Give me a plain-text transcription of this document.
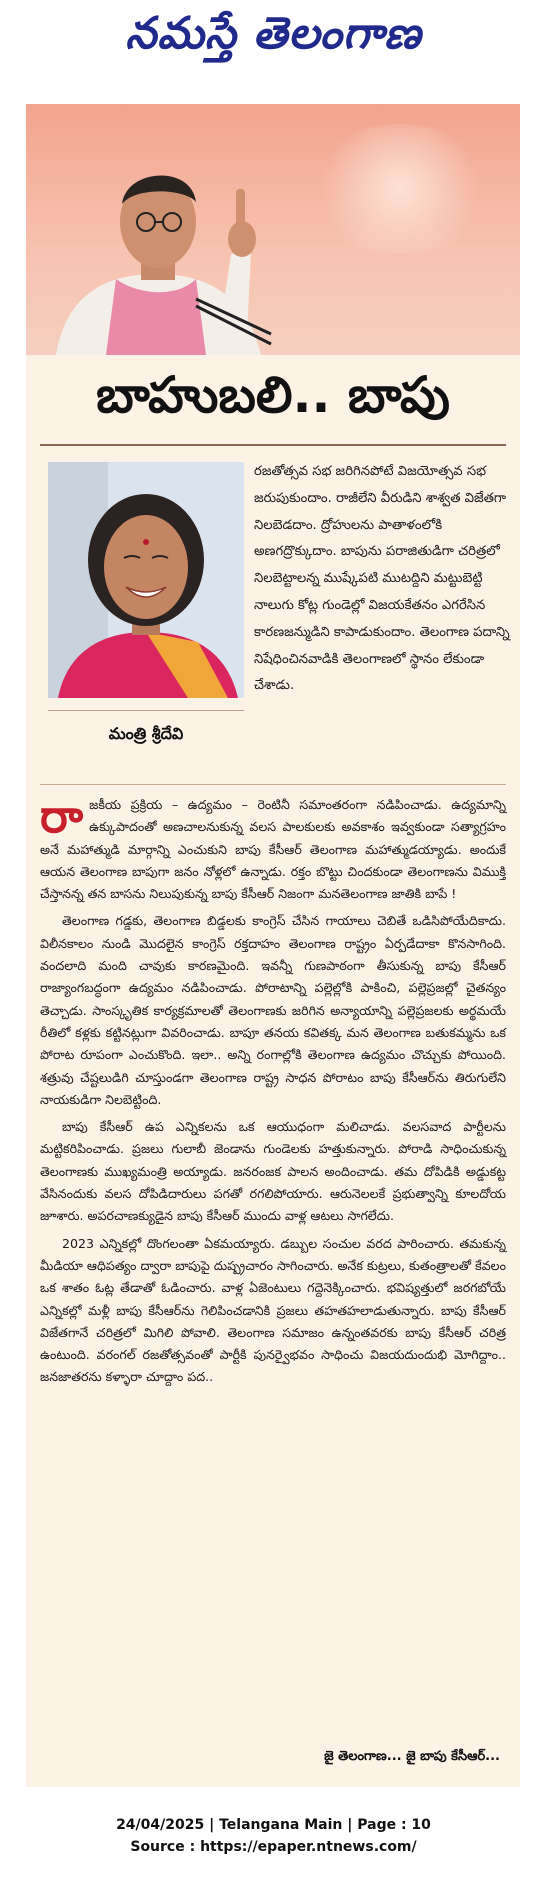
నమస్తే తెలంగాణ
బాహుబలి.. బాపు
మంత్రి శ్రీదేవి

రజతోత్సవ సభ జరిగినపోటే విజయోత్సవ సభ జరుపుకుందాం. రాజీలేని వీరుడిని శాశ్వత విజేతగా నిలబెడదాం. ద్రోహులను పాతాళంలోకి అణగద్రొక్కుదాం. బాపును పరాజితుడిగా చరిత్రలో నిలబెట్టాలన్న ముష్కేపటి ముటద్దిని మట్టుబెట్టి నాలుగు కోట్ల గుండెల్లో విజయకేతనం ఎగరేసిన కారణజన్ముడిని కాపాడుకుందాం. తెలంగాణ పదాన్ని నిషేధించినవాడికి తెలంగాణలో స్థానం లేకుండా చేశాడు.

రాజకీయ ప్రక్రియ – ఉద్యమం – రెంటినీ సమాంతరంగా నడిపించాడు. ఉద్యమాన్ని ఉక్కుపాదంతో అణచాలనుకున్న వలస పాలకులకు అవకాశం ఇవ్వకుండా సత్యాగ్రహం అనే మహాత్ముడి మార్గాన్ని ఎంచుకుని బాపు కేసీఆర్ తెలంగాణ మహాత్ముడయ్యాడు. అందుకే ఆయన తెలంగాణ బాపుగా జనం నోళ్లలో ఉన్నాడు. రక్తం బొట్టు చిందకుండా తెలంగాణను విముక్తి చేస్తానన్న తన బాసను నిలుపుకున్న బాపు కేసీఆర్ నిజంగా మనతెలంగాణ జాతికి బాపే !

తెలంగాణ గడ్డకు, తెలంగాణ బిడ్డలకు కాంగ్రెస్ చేసిన గాయాలు చెబితే ఒడిసిపోయేదికాదు. విలీనకాలం నుండి మొదలైన కాంగ్రెస్ రక్తదాహం తెలంగాణ రాష్ట్రం ఏర్పడేదాకా కొనసాగింది. వందలాది మంది చావుకు కారణమైంది. ఇవన్నీ గుణపాఠంగా తీసుకున్న బాపు కేసీఆర్ రాజ్యాంగబద్ధంగా ఉద్యమం నడిపించాడు. పోరాటాన్ని పల్లెల్లోకి పాకించి, పల్లెప్రజల్లో చైతన్యం తెచ్చాడు. సాంస్కృతిక కార్యక్రమాలతో తెలంగాణకు జరిగిన అన్యాయాన్ని పల్లెప్రజలకు అర్థమయే రీతిలో కళ్లకు కట్టినట్లుగా వివరించాడు. బాపూ తనయ కవితక్క మన తెలంగాణ బతుకమ్మను ఒక పోరాట రూపంగా ఎంచుకొంది. ఇలా.. అన్ని రంగాల్లోకి తెలంగాణ ఉద్యమం చొచ్చుకు పోయింది. శత్రువు చేష్టలుడిగి చూస్తుండగా తెలంగాణ రాష్ట్ర సాధన పోరాటం బాపు కేసీఆర్‌ను తిరుగులేని నాయకుడిగా నిలబెట్టింది.

బాపు కేసీఆర్ ఉప ఎన్నికలను ఒక ఆయుధంగా మలిచాడు. వలసవాద పార్టీలను మట్టికరిపించాడు. ప్రజలు గులాబీ జెండాను గుండెలకు హత్తుకున్నారు. పోరాడి సాధించుకున్న తెలంగాణకు ముఖ్యమంత్రి అయ్యాడు. జనరంజక పాలన అందించాడు. తమ దోపిడికి అడ్డుకట్ట వేసినందుకు వలస దోపిడిదారులు పగతో రగలిపోయారు. ఆరునెలలకే ప్రభుత్వాన్ని కూలదోయ జూశారు. అపరచాణక్యుడైన బాపు కేసీఆర్ ముందు వాళ్ల ఆటలు సాగలేదు.

2023 ఎన్నికల్లో దొంగలంతా ఏకమయ్యారు. డబ్బుల సంచుల వరద పారించారు. తమకున్న మీడియా ఆధిపత్యం ద్వారా బాపుపై దుష్ప్రచారం సాగించారు. అనేక కుట్రలు, కుతంత్రాలతో కేవలం ఒక శాతం ఓట్ల తేడాతో ఓడించారు. వాళ్ల ఏజెంటులు గద్దెనెక్కించారు. భవిష్యత్తులో జరగబోయే ఎన్నికల్లో మళ్లీ బాపు కేసీఆర్‌ను గెలిపించడానికి ప్రజలు తహతహలాడుతున్నారు. బాపు కేసీఆర్ విజేతగానే చరిత్రలో మిగిలి పోవాలి. తెలంగాణ సమాజం ఉన్నంతవరకు బాపు కేసీఆర్ చరిత్ర ఉంటుంది. వరంగల్ రజతోత్సవంతో పార్టీకి పునర్వైభవం సాధించు విజయదుందుభి మోగిద్దాం.. జనజాతరను కళ్ళారా చూద్దాం పద..

జై తెలంగాణ... జై బాపు కేసీఆర్...
24/04/2025 | Telangana Main | Page : 10
Source : https://epaper.ntnews.com/
